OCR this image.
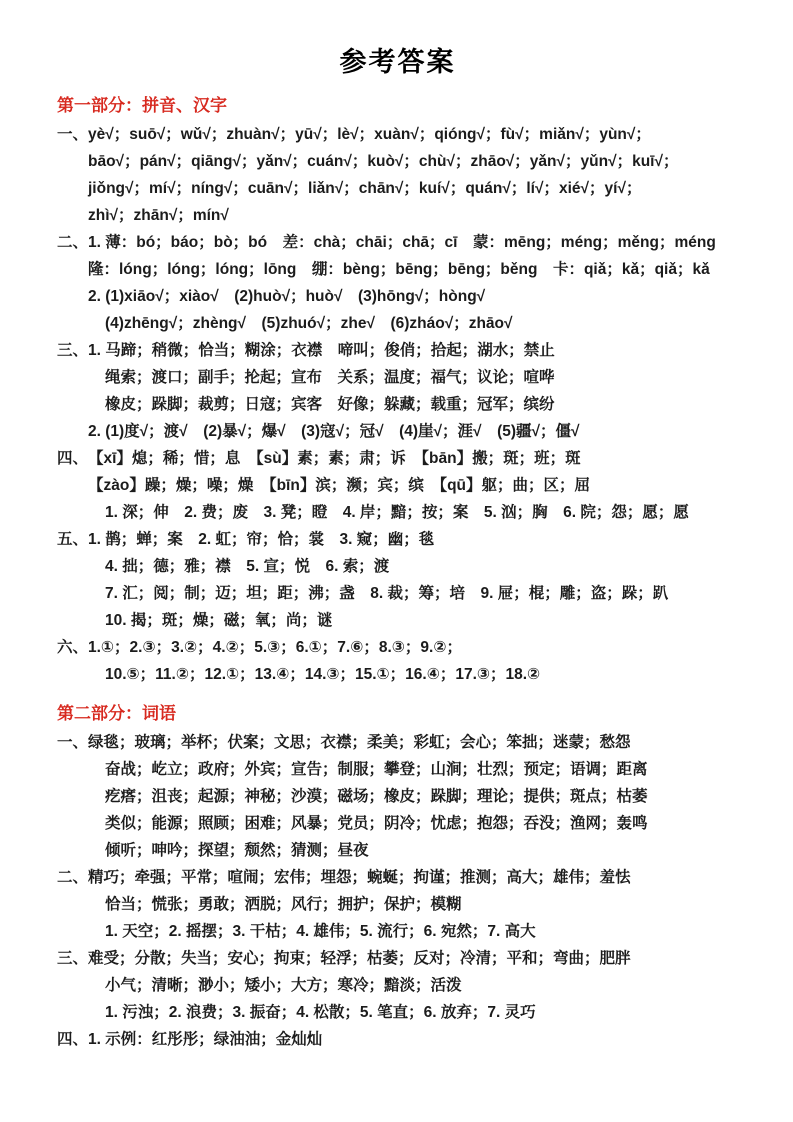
参考答案
第一部分：拼音、汉字
一、 yè√；suō√；wǔ√；zhuàn√；yū√；lè√；xuàn√；qióng√；fù√；miǎn√；yùn√；
bāo√；pán√；qiāng√；yǎn√；cuán√；kuò√；chù√；zhāo√；yǎn√；yǔn√；kuī√；
jiǒng√；mí√；níng√；cuān√；liǎn√；chān√；kuí√；quán√；lí√；xié√；yí√；
zhì√；zhān√；mín√
二、 1. 薄：bó；báo；bò；bó　差：chà；chāi；chā；cī　蒙：mēng；méng；měng；méng
隆：lóng；lóng；lóng；lōng　绷：bèng；bēng；bēng；běng　卡：qiǎ；kǎ；qiǎ；kǎ
2. (1)xiāo√；xiào√　(2)huò√；huò√　(3)hōng√；hòng√
(4)zhēng√；zhèng√　(5)zhuó√；zhe√　(6)zháo√；zhāo√
三、 1. 马蹄；稍微；恰当；糊涂；衣襟　啼叫；俊俏；拾起；湖水；禁止
绳索；渡口；副手；抡起；宣布　关系；温度；福气；议论；喧哗
橡皮；跺脚；裁剪；日寇；宾客　好像；躲藏；载重；冠军；缤纷
2. (1)度√；渡√　(2)暴√；爆√　(3)寇√；冠√　(4)崖√；涯√　(5)疆√；僵√
四、 【xī】熄；稀；惜；息　【sù】素；素；肃；诉　【bān】搬；斑；班；斑
【zào】躁；燥；噪；燥　【bīn】滨；濒；宾；缤　【qū】躯；曲；区；屈
1. 深；伸　2. 费；废　3. 凳；瞪　4. 岸；黯；按；案　5. 汹；胸　6. 院；怨；愿；愿
五、 1. 鹊；蝉；案　2. 虹；帘；恰；裳　3. 窥；幽；毯
4. 拙；德；雅；襟　5. 宣；悦　6. 索；渡
7. 汇；阅；制；迈；坦；距；沸；盏　8. 裁；筹；培　9. 屉；棍；雕；盗；跺；趴
10. 揭；斑；燥；磁；氧；尚；谜
六、 1.①；2.③；3.②；4.②；5.③；6.①；7.⑥；8.③；9.②；
10.⑤；11.②；12.①；13.④；14.③；15.①；16.④；17.③；18.②
第二部分：词语
一、 绿毯；玻璃；举杯；伏案；文思；衣襟；柔美；彩虹；会心；笨拙；迷蒙；愁怨
奋战；屹立；政府；外宾；宣告；制服；攀登；山涧；壮烈；预定；语调；距离
疙瘩；沮丧；起源；神秘；沙漠；磁场；橡皮；跺脚；理论；提供；斑点；枯萎
类似；能源；照顾；困难；风暴；党员；阴冷；忧虑；抱怨；吞没；渔网；轰鸣
倾听；呻吟；探望；颓然；猜测；昼夜
二、 精巧；牵强；平常；喧闹；宏伟；埋怨；蜿蜒；拘谨；推测；高大；雄伟；羞怯
恰当；慌张；勇敢；洒脱；风行；拥护；保护；模糊
1. 天空；2. 摇摆；3. 干枯；4. 雄伟；5. 流行；6. 宛然；7. 高大
三、 难受；分散；失当；安心；拘束；轻浮；枯萎；反对；冷清；平和；弯曲；肥胖
小气；清晰；渺小；矮小；大方；寒冷；黯淡；活泼
1. 污浊；2. 浪费；3. 振奋；4. 松散；5. 笔直；6. 放弃；7. 灵巧
四、 1. 示例：红彤彤；绿油油；金灿灿
